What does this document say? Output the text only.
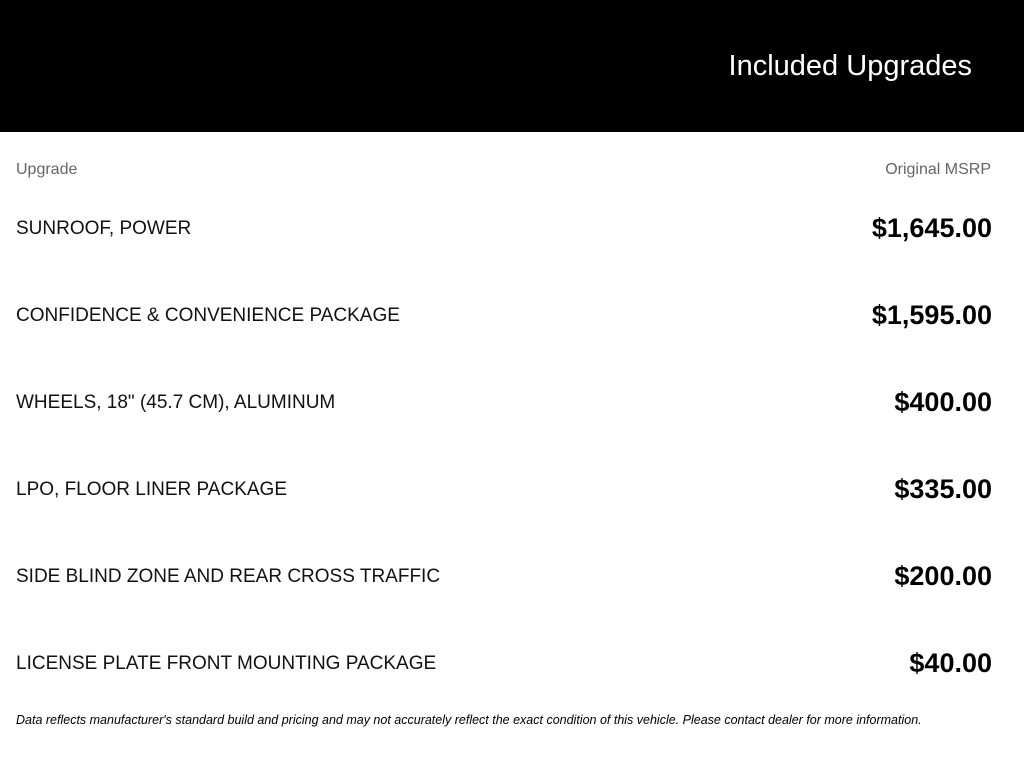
Included Upgrades
Upgrade	Original MSRP
SUNROOF, POWER	$1,645.00
CONFIDENCE & CONVENIENCE PACKAGE	$1,595.00
WHEELS, 18" (45.7 CM), ALUMINUM	$400.00
LPO, FLOOR LINER PACKAGE	$335.00
SIDE BLIND ZONE AND REAR CROSS TRAFFIC	$200.00
LICENSE PLATE FRONT MOUNTING PACKAGE	$40.00
Data reflects manufacturer's standard build and pricing and may not accurately reflect the exact condition of this vehicle. Please contact dealer for more information.
